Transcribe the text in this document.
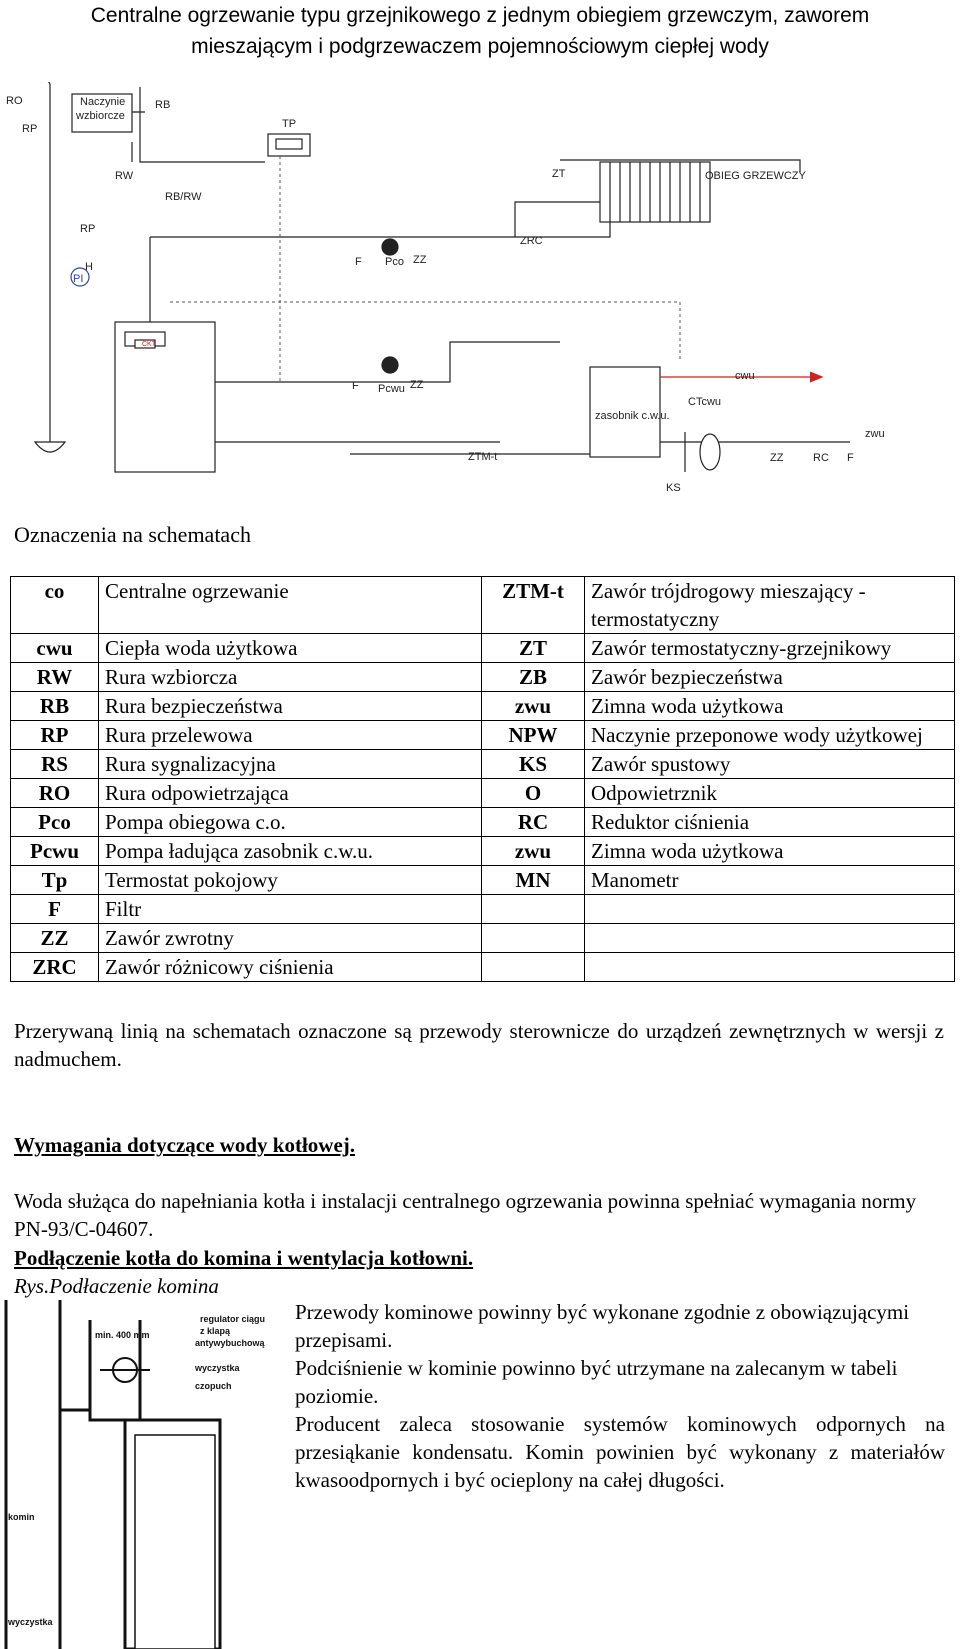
Centralne ogrzewanie typu grzejnikowego z jednym obiegiem grzewczym, zaworem
mieszającym i podgrzewaczem pojemnościowym ciepłej wody
RO
RP
Naczynie
wzbiorcze
RB
TP
RW
RB/RW
ZT	OBIEG GRZEWCZY
RP
H
PI
ZRC
F Pco ZZ
CKT
F Pcwu ZZ
cwu
CTcwu
zasobnik c.w.u.
zwu
ZTM-t	ZZ	RC F
KS
Oznaczenia na schematach
co	Centralne ogrzewanie	ZTM-t	Zawór trójdrogowy mieszający - termostatyczny
cwu	Ciepła woda użytkowa	ZT	Zawór termostatyczny-grzejnikowy
RW	Rura wzbiorcza	ZB	Zawór bezpieczeństwa
RB	Rura bezpieczeństwa	zwu	Zimna woda użytkowa
RP	Rura przelewowa	NPW	Naczynie przeponowe wody użytkowej
RS	Rura sygnalizacyjna	KS	Zawór spustowy
RO	Rura odpowietrzająca	O	Odpowietrznik
Pco	Pompa obiegowa c.o.	RC	Reduktor ciśnienia
Pcwu	Pompa ładująca zasobnik c.w.u.	zwu	Zimna woda użytkowa
Tp	Termostat pokojowy	MN	Manometr
F	Filtr		
ZZ	Zawór zwrotny		
ZRC	Zawór różnicowy ciśnienia		
Przerywaną linią na schematach oznaczone są przewody sterownicze do urządzeń zewnętrznych w wersji z nadmuchem.
Wymagania dotyczące wody kotłowej.
Woda służąca do napełniania kotła i instalacji centralnego ogrzewania powinna spełniać wymagania normy PN-93/C-04607.
Podłączenie kotła do komina i wentylacja kotłowni.
Rys.Podłaczenie komina
min. 400 mm
regulator ciągu
z klapą
antywybuchową
wyczystka
czopuch
komin
wyczystka

Przewody kominowe powinny być wykonane zgodnie z obowiązującymi przepisami.

Podciśnienie w kominie powinno być utrzymane na zalecanym w tabeli poziomie.

Producent zaleca stosowanie systemów kominowych odpornych na przesiąkanie kondensatu. Komin powinien być wykonany z materiałów kwasoodpornych i być ocieplony na całej długości.
